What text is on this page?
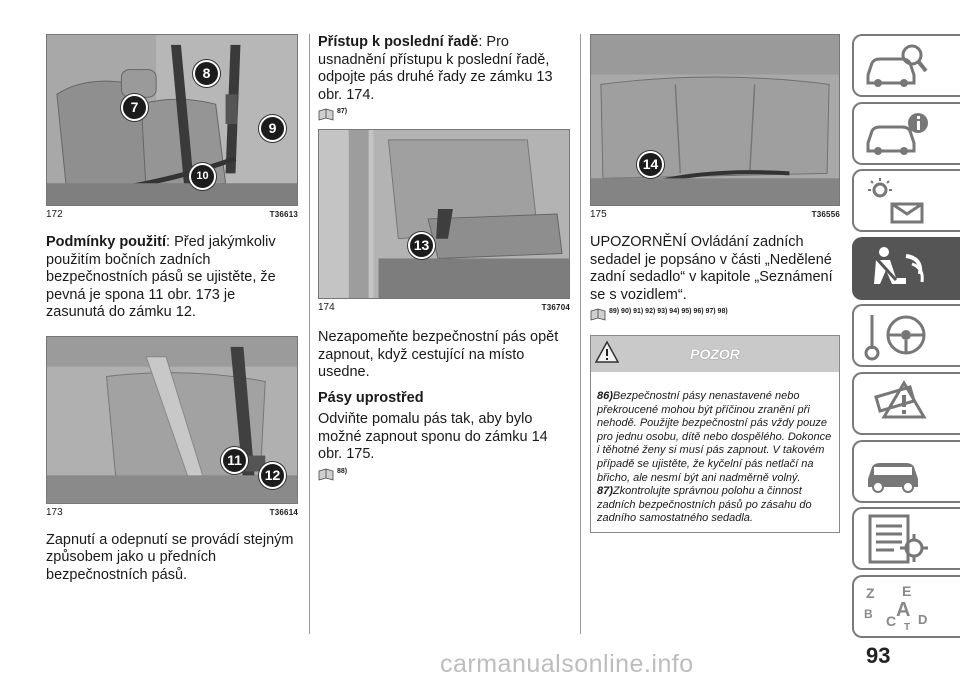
7
8
9
10
172	T36613

Podmínky použití: Před jakýmkoliv použitím bočních zadních bezpečnostních pásů se ujistěte, že pevná je spona 11 obr. 173 je zasunutá do zámku 12.

11
12
173	T36614

Zapnutí a odepnutí se provádí stejným způsobem jako u předních bezpečnostních pásů.

Přístup k poslední řadě: Pro usnadnění přístupu k poslední řadě, odpojte pás druhé řady ze zámku 13 obr. 174.

87)
13
174	T36704

Nezapomeňte bezpečnostní pás opět zapnout, když cestující na místo usedne.

Pásy uprostřed

Odviňte pomalu pás tak, aby bylo možné zapnout sponu do zámku 14 obr. 175.

88)
14
175	T36556

UPOZORNĚNÍ Ovládání zadních sedadel je popsáno v části „Nedělené zadní sedadlo“ v kapitole „Seznámení se s vozidlem“.

89) 90) 91) 92) 93) 94) 95) 96) 97) 98)
POZOR

86)Bezpečnostní pásy nenastavené nebo překroucené mohou být příčinou zranění při nehodě. Použijte bezpečnostní pás vždy pouze pro jednu osobu, dítě nebo dospělého. Dokonce i těhotné ženy si musí pás zapnout. V takovém případě se ujistěte, že kyčelní pás netlačí na břicho, ale nesmí být ani nadměrně volný.

87)Zkontrolujte správnou polohu a činnost zadních bezpečnostních pásů po zásahu do zadního samostatného sedadla.

Z E
B C A D
T
93
carmanualsonline.info
